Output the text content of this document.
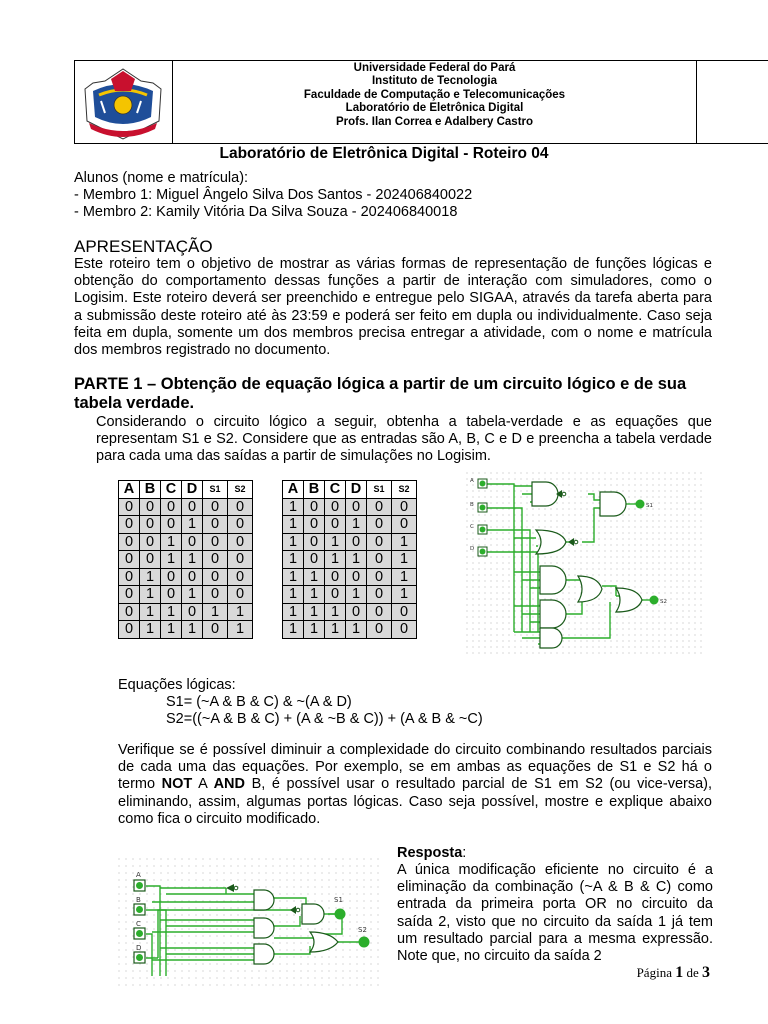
Universidade Federal do Pará
Instituto de Tecnologia
Faculdade de Computação e Telecomunicações
Laboratório de Eletrônica Digital
Profs. Ilan Correa e Adalbery Castro
Laboratório de Eletrônica Digital - Roteiro 04
Alunos (nome e matrícula):
- Membro 1: Miguel Ângelo Silva Dos Santos - 202406840022
- Membro 2: Kamily Vitória Da Silva Souza - 202406840018
APRESENTAÇÃO
Este roteiro tem o objetivo de mostrar as várias formas de representação de funções lógicas e obtenção do comportamento dessas funções a partir de interação com simuladores, como o Logisim. Este roteiro deverá ser preenchido e entregue pelo SIGAA, através da tarefa aberta para a submissão deste roteiro até às 23:59 e poderá ser feito em dupla ou individualmente. Caso seja feita em dupla, somente um dos membros precisa entregar a atividade, com o nome e matrícula dos membros registrado no documento.
PARTE 1 – Obtenção de equação lógica a partir de um circuito lógico e de sua tabela verdade.
Considerando o circuito lógico a seguir, obtenha a tabela-verdade e as equações que representam S1 e S2. Considere que as entradas são A, B, C e D e preencha a tabela verdade para cada uma das saídas a partir de simulações no Logisim.
A	B	C	D	S1	S2
0	0	0	0	0	0
0	0	0	1	0	0
0	0	1	0	0	0
0	0	1	1	0	0
0	1	0	0	0	0
0	1	0	1	0	0
0	1	1	0	1	1
0	1	1	1	0	1
A	B	C	D	S1	S2
1	0	0	0	0	0
1	0	0	1	0	0
1	0	1	0	0	1
1	0	1	1	0	1
1	1	0	0	0	1
1	1	0	1	0	1
1	1	1	0	0	0
1	1	1	1	0	0
A
B
C
D
S1
S2
Equações lógicas:
S1= (~A & B & C) & ~(A & D)
S2=((~A & B & C) + (A & ~B & C)) + (A & B & ~C)
Verifique se é possível diminuir a complexidade do circuito combinando resultados parciais de cada uma das equações. Por exemplo, se em ambas as equações de S1 e S2 há o termo NOT A AND B, é possível usar o resultado parcial de S1 em S2 (ou vice-versa), eliminando, assim, algumas portas lógicas. Caso seja possível, mostre e explique abaixo como fica o circuito modificado.
A
B
C
D
S1
S2
Resposta:
A única modificação eficiente no circuito é a eliminação da combinação (~A & B & C) como entrada da primeira porta OR no circuito da saída 2, visto que no circuito da saída 1 já tem um resultado parcial para a mesma expressão. Note que, no circuito da saída 2
Página 1 de 3
